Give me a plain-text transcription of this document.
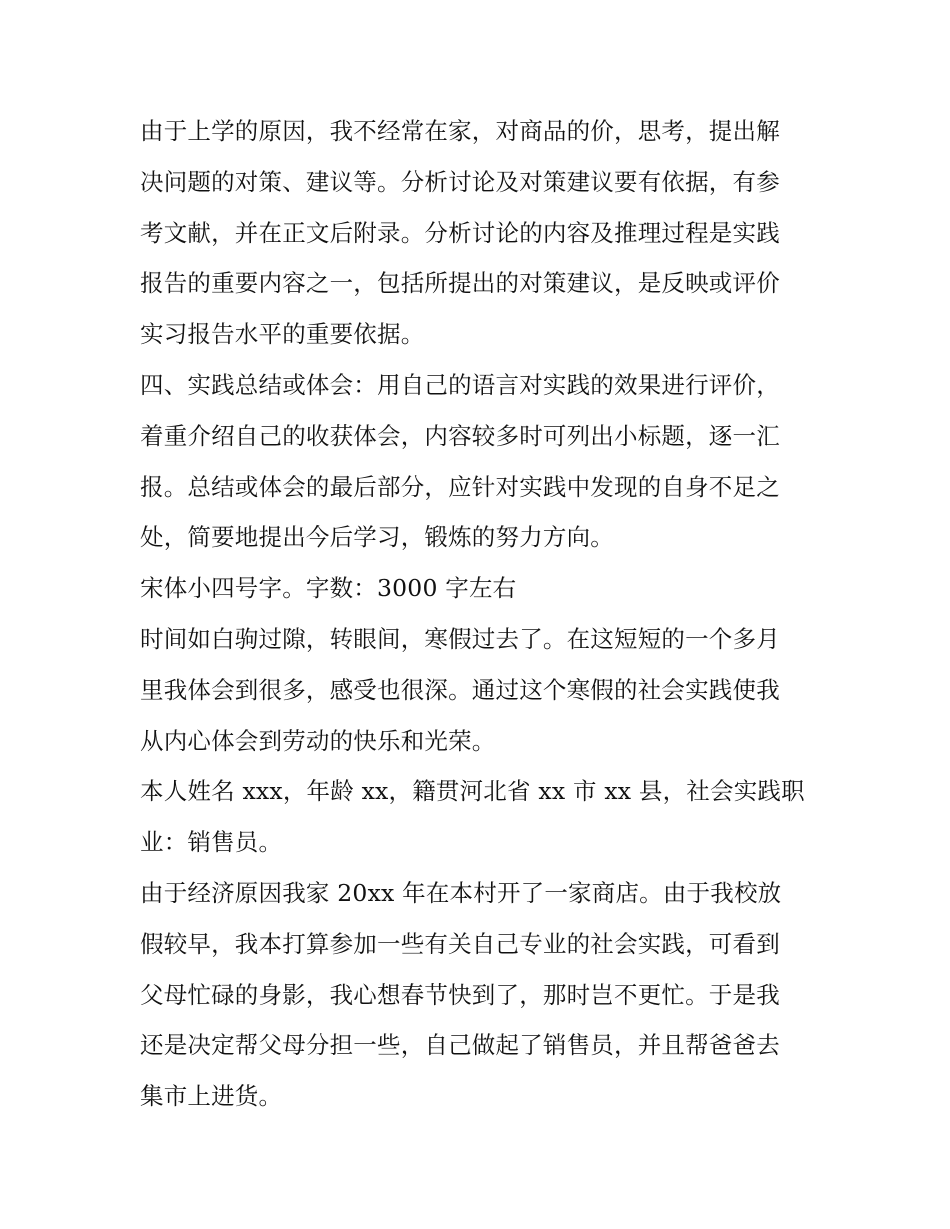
由于上学的原因，我不经常在家，对商品的价，思考，提出解
决问题的对策、建议等。分析讨论及对策建议要有依据，有参
考文献，并在正文后附录。分析讨论的内容及推理过程是实践
报告的重要内容之一，包括所提出的对策建议，是反映或评价
实习报告水平的重要依据。

四、实践总结或体会：用自己的语言对实践的效果进行评价，
着重介绍自己的收获体会，内容较多时可列出小标题，逐一汇
报。总结或体会的最后部分，应针对实践中发现的自身不足之
处，简要地提出今后学习，锻炼的努力方向。

宋体小四号字。字数：3000 字左右

时间如白驹过隙，转眼间，寒假过去了。在这短短的一个多月
里我体会到很多，感受也很深。通过这个寒假的社会实践使我
从内心体会到劳动的快乐和光荣。

本人姓名 xxx，年龄 xx，籍贯河北省 xx 市 xx 县，社会实践职
业：销售员。

由于经济原因我家 20xx 年在本村开了一家商店。由于我校放
假较早，我本打算参加一些有关自己专业的社会实践，可看到
父母忙碌的身影，我心想春节快到了，那时岂不更忙。于是我
还是决定帮父母分担一些，自己做起了销售员，并且帮爸爸去
集市上进货。
